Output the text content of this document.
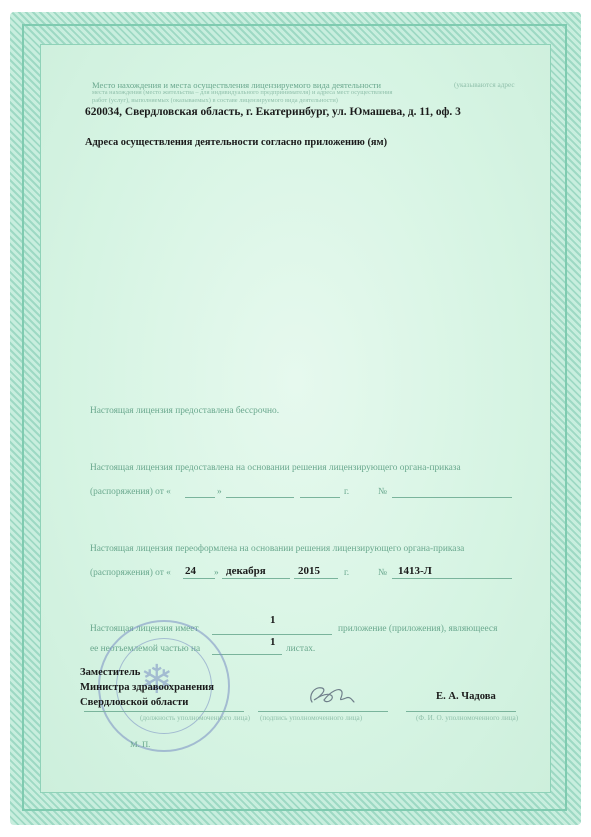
Место нахождения и места осуществления лицензируемого вида деятельности	(указываются адрес
места нахождения (место жительства – для индивидуального предпринимателя) и адреса мест осуществления
работ (услуг), выполняемых (оказываемых) в составе лицензируемого вида деятельности)
620034, Свердловская область, г. Екатеринбург, ул. Юмашева, д. 11, оф. 3
Адреса осуществления деятельности согласно приложению (ям)
Настоящая лицензия предоставлена бессрочно.
Настоящая лицензия предоставлена на основании решения лицензирующего органа-приказа
(распоряжения) от «	»	г.	№
Настоящая лицензия переоформлена на основании решения лицензирующего органа-приказа
(распоряжения) от « 24 » декабря	2015	г.	№ 1413-Л
Настоящая лицензия имеет
1
приложение (приложения), являющееся
ее неотъемлемой частью на
1
листах.
❄
Заместитель
Министра здравоохранения
Свердловской области
Е. А. Чадова
(должность уполномоченного лица) (подпись уполномоченного лица)	(Ф. И. О. уполномоченного лица)
М. П.
